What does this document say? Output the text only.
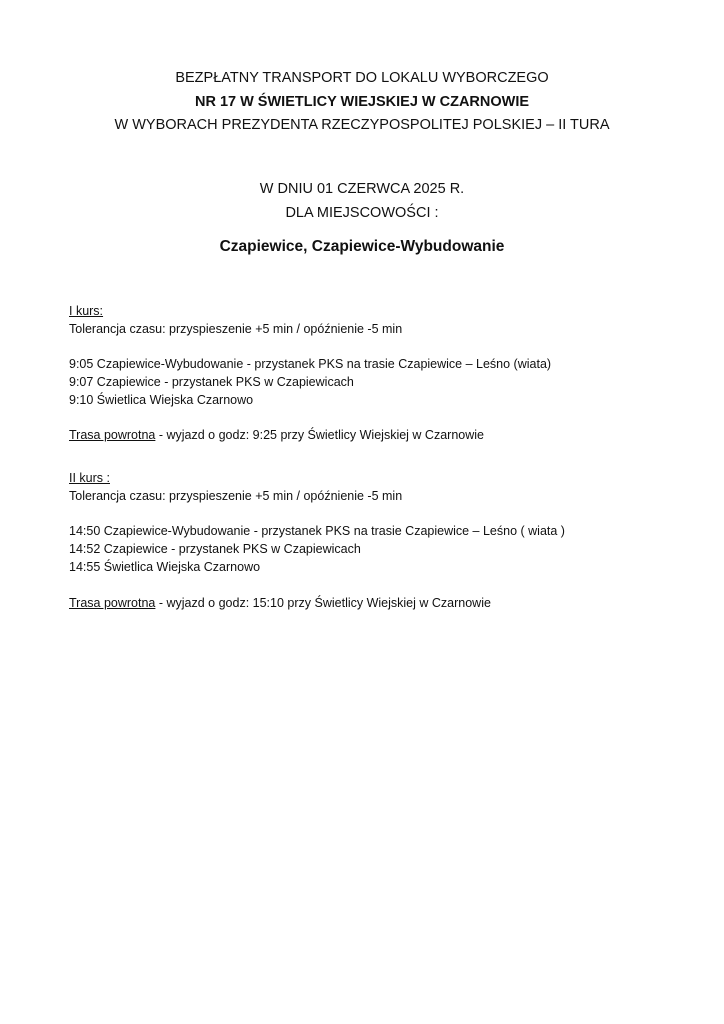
BEZPŁATNY TRANSPORT DO LOKALU WYBORCZEGO
NR 17 W ŚWIETLICY WIEJSKIEJ W CZARNOWIE
W WYBORACH PREZYDENTA RZECZYPOSPOLITEJ POLSKIEJ – II TURA
W DNIU 01 CZERWCA 2025 R.
DLA MIEJSCOWOŚCI :
Czapiewice, Czapiewice-Wybudowanie
I kurs:
Tolerancja czasu: przyspieszenie +5 min / opóźnienie -5 min
9:05 Czapiewice-Wybudowanie - przystanek PKS na trasie Czapiewice – Leśno (wiata)
9:07 Czapiewice - przystanek PKS w Czapiewicach
9:10 Świetlica Wiejska Czarnowo
Trasa powrotna - wyjazd o godz: 9:25 przy Świetlicy Wiejskiej w Czarnowie
II kurs :
Tolerancja czasu: przyspieszenie +5 min / opóźnienie -5 min
14:50 Czapiewice-Wybudowanie - przystanek PKS na trasie Czapiewice – Leśno ( wiata )
14:52 Czapiewice - przystanek PKS w Czapiewicach
14:55 Świetlica Wiejska Czarnowo
Trasa powrotna - wyjazd o godz: 15:10 przy Świetlicy Wiejskiej w Czarnowie
